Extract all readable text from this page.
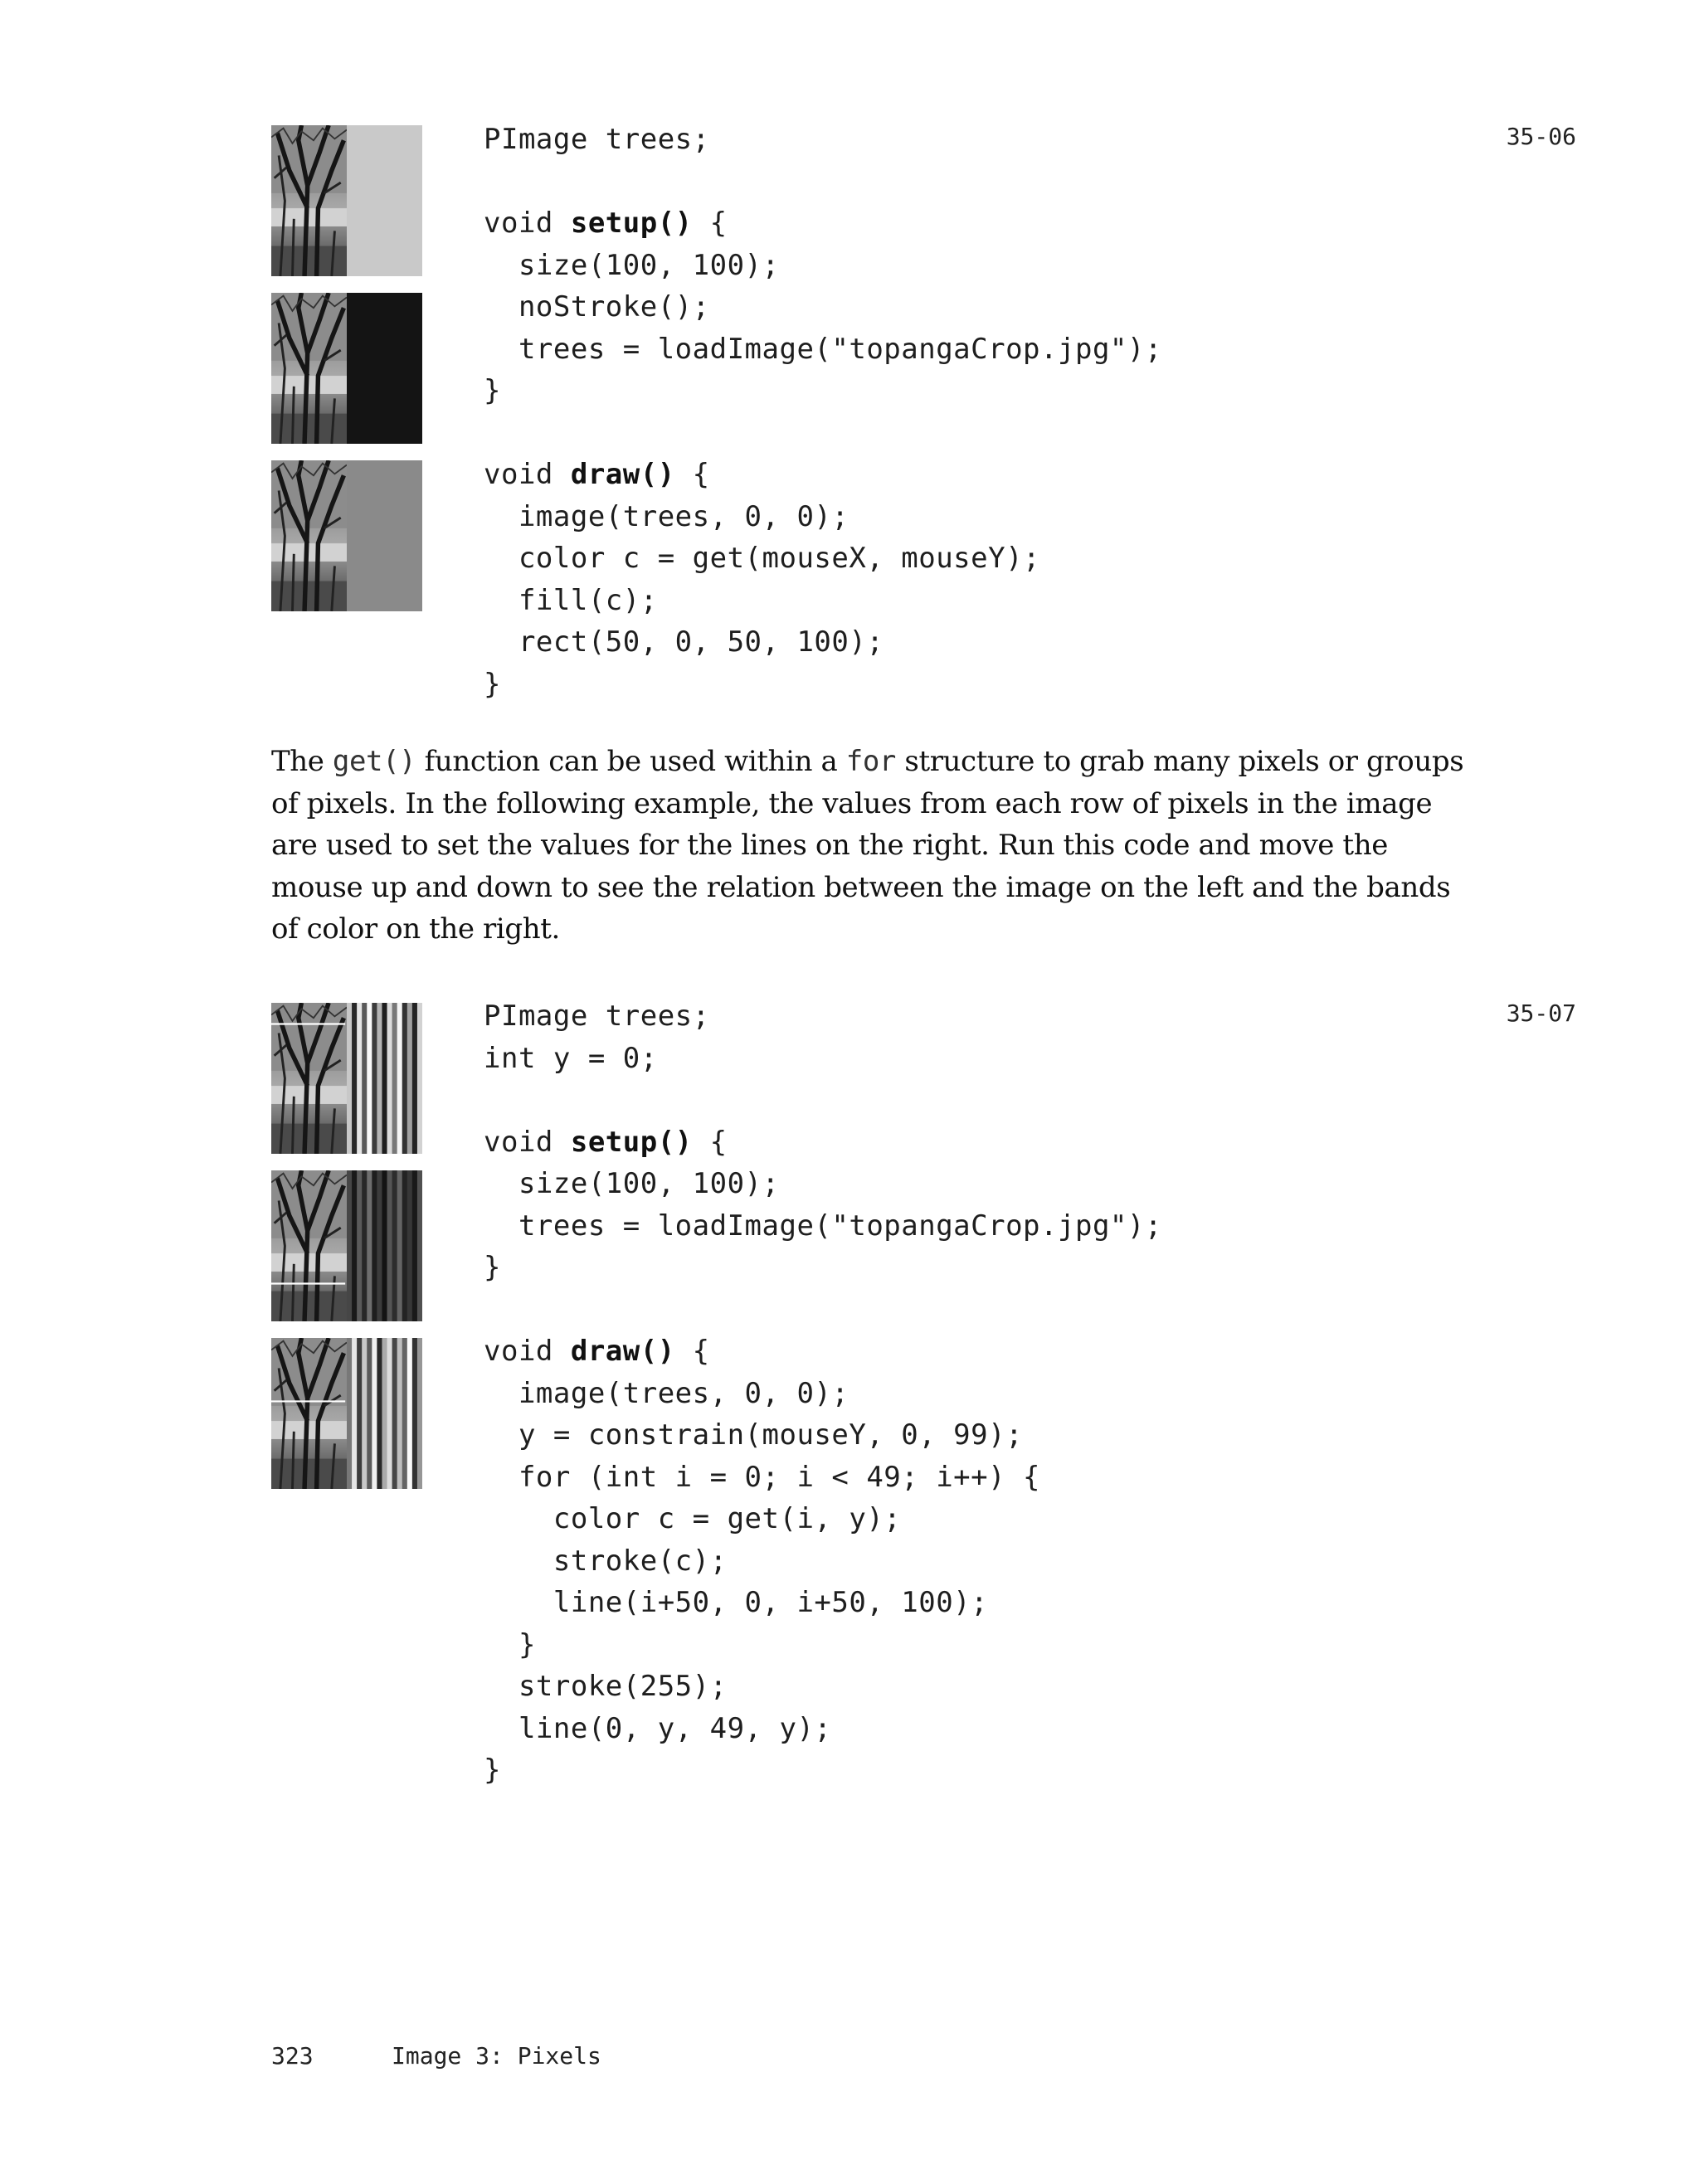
35-06
PImage trees;
void setup() {
size(100, 100);
noStroke();
trees = loadImage("topangaCrop.jpg");
}
void draw() {
image(trees, 0, 0);
color c = get(mouseX, mouseY);
fill(c);
rect(50, 0, 50, 100);
}

The get() function can be used within a for structure to grab many pixels or groups of pixels. In the following example, the values from each row of pixels in the image are used to set the values for the lines on the right. Run this code and move the mouse up and down to see the relation between the image on the left and the bands of color on the right.

35-07
PImage trees;
int y = 0;
void setup() {
size(100, 100);
trees = loadImage("topangaCrop.jpg");
}
void draw() {
image(trees, 0, 0);
y = constrain(mouseY, 0, 99);
for (int i = 0; i < 49; i++) {
color c = get(i, y);
stroke(c);
line(i+50, 0, i+50, 100);
}
stroke(255);
line(0, y, 49, y);
}
323	Image 3: Pixels
